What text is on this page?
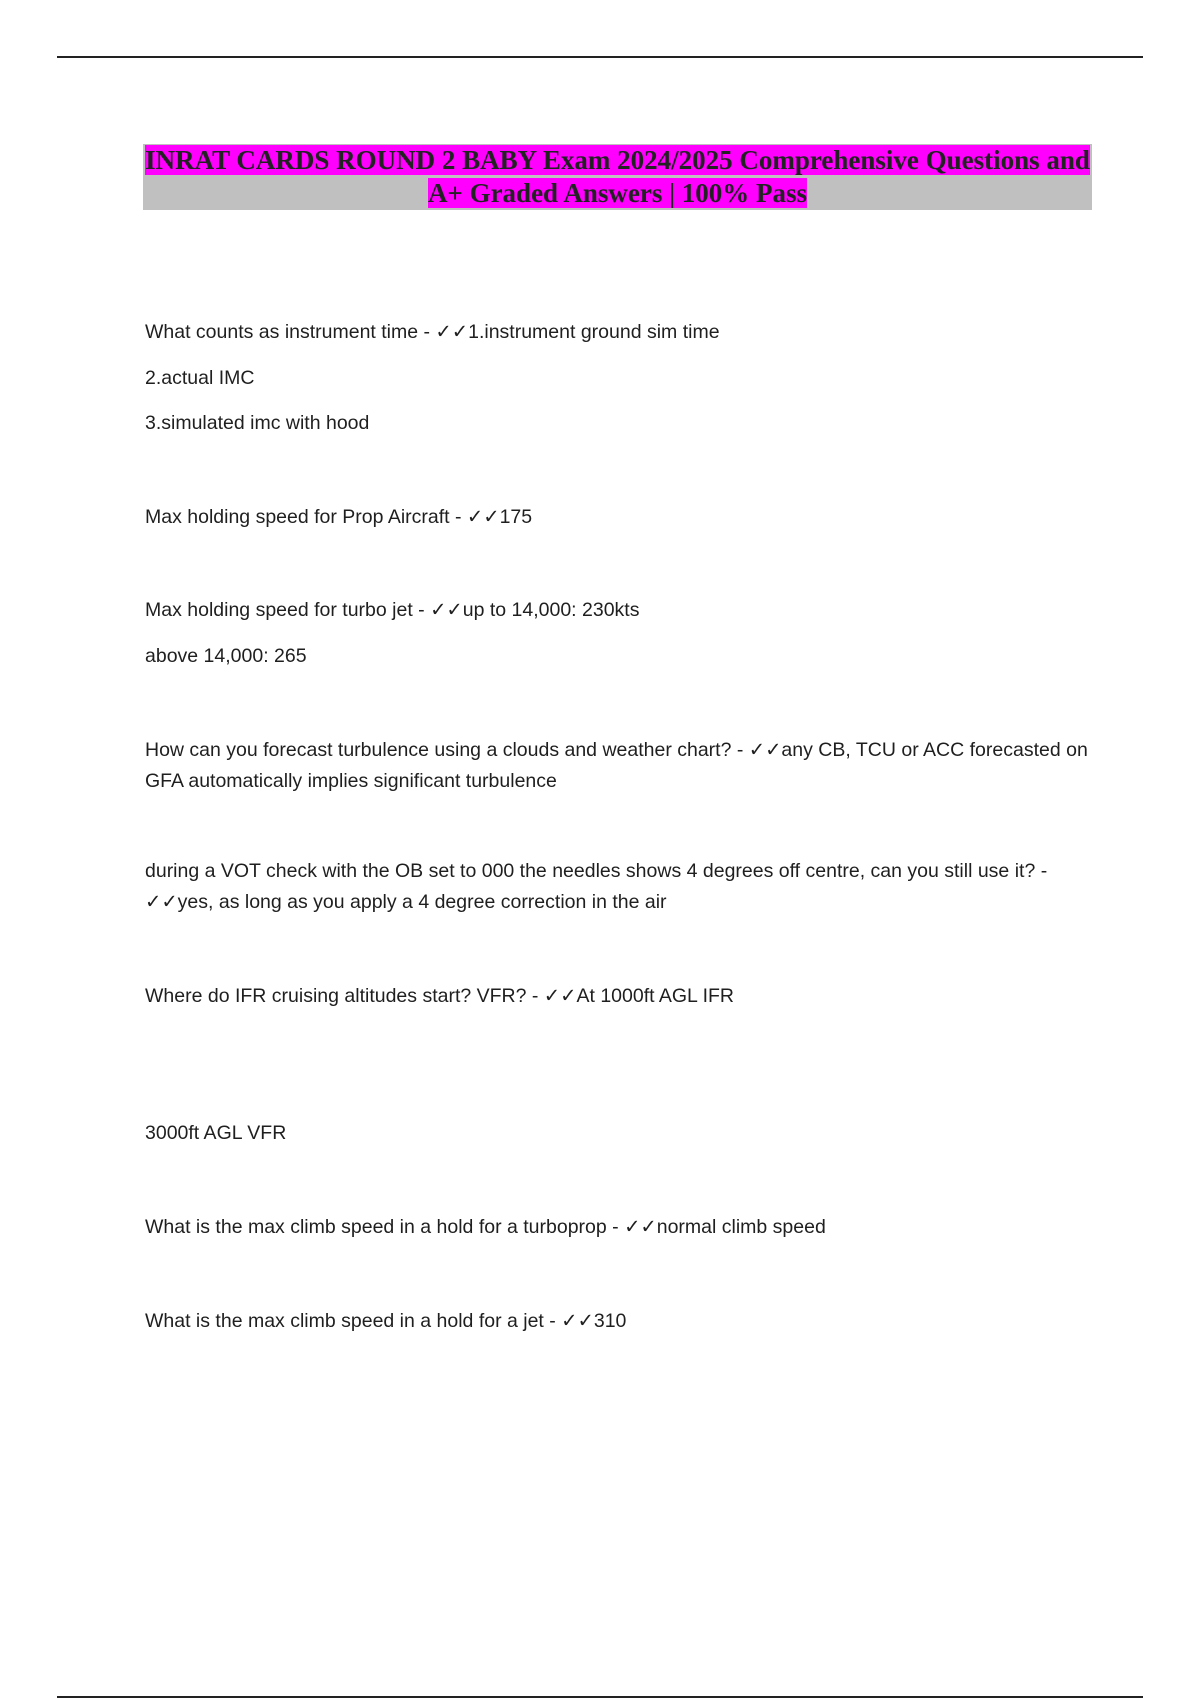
INRAT CARDS ROUND 2 BABY Exam 2024/2025 Comprehensive Questions and A+ Graded Answers | 100% Pass
What counts as instrument time - ✓✓1.instrument ground sim time
2.actual IMC
3.simulated imc with hood
Max holding speed for Prop Aircraft - ✓✓175
Max holding speed for turbo jet - ✓✓up to 14,000: 230kts
above 14,000: 265
How can you forecast turbulence using a clouds and weather chart? - ✓✓any CB, TCU or ACC forecasted on GFA automatically implies significant turbulence
during a VOT check with the OB set to 000 the needles shows 4 degrees off centre, can you still use it? - ✓✓yes, as long as you apply a 4 degree correction in the air
Where do IFR cruising altitudes start? VFR? - ✓✓At 1000ft AGL IFR
3000ft AGL VFR
What is the max climb speed in a hold for a turboprop - ✓✓normal climb speed
What is the max climb speed in a hold for a jet - ✓✓310
